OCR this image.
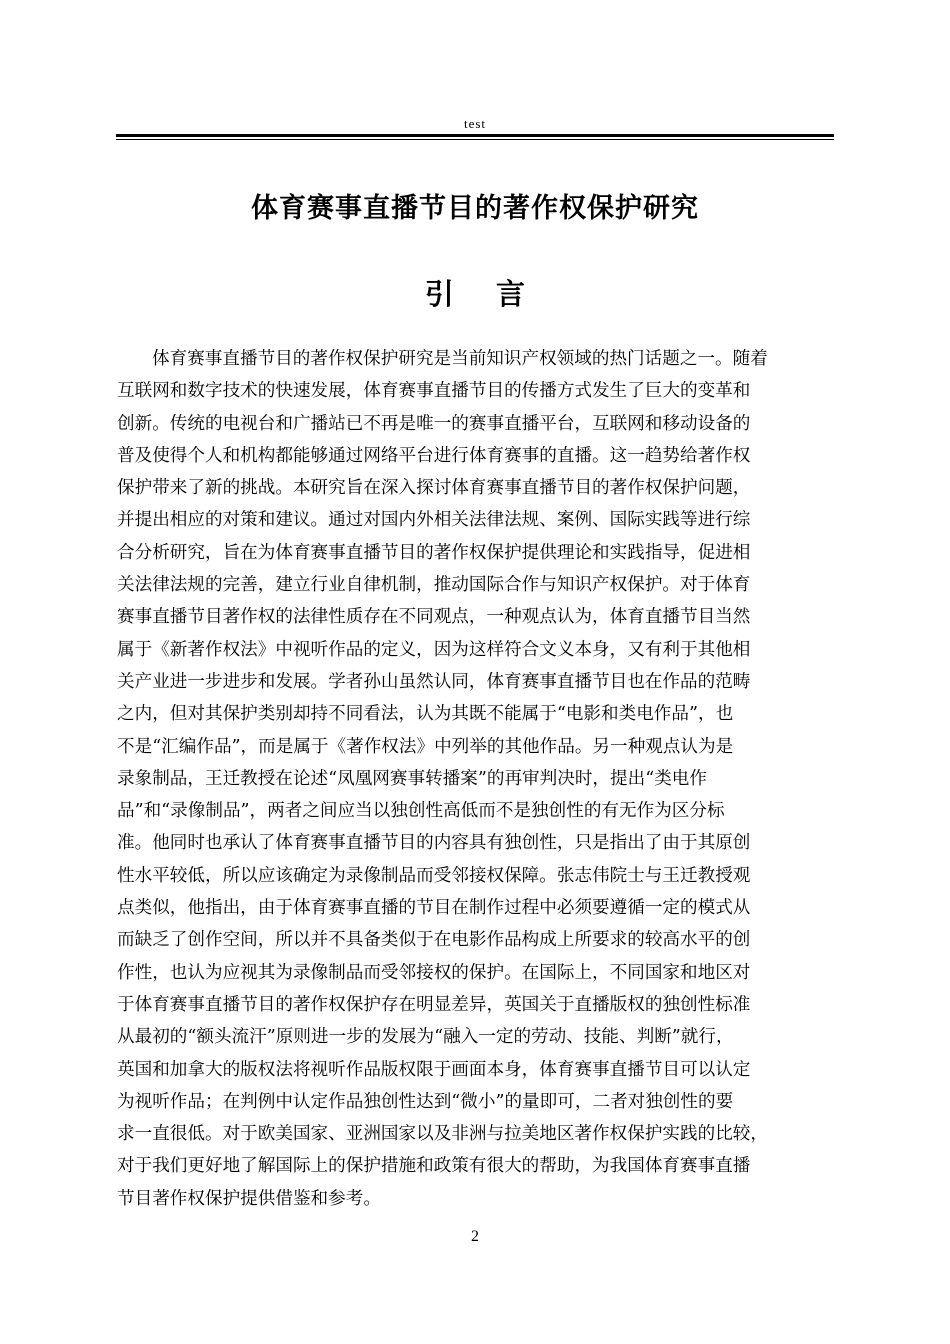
test
体育赛事直播节目的著作权保护研究
引 言
体育赛事直播节目的著作权保护研究是当前知识产权领域的热门话题之一。随着
互联网和数字技术的快速发展，体育赛事直播节目的传播方式发生了巨大的变革和
创新。传统的电视台和广播站已不再是唯一的赛事直播平台，互联网和移动设备的
普及使得个人和机构都能够通过网络平台进行体育赛事的直播。这一趋势给著作权
保护带来了新的挑战。本研究旨在深入探讨体育赛事直播节目的著作权保护问题，
并提出相应的对策和建议。通过对国内外相关法律法规、案例、国际实践等进行综
合分析研究，旨在为体育赛事直播节目的著作权保护提供理论和实践指导，促进相
关法律法规的完善，建立行业自律机制，推动国际合作与知识产权保护。对于体育
赛事直播节目著作权的法律性质存在不同观点，一种观点认为，体育直播节目当然
属于《新著作权法》中视听作品的定义，因为这样符合文义本身，又有利于其他相
关产业进一步进步和发展。学者孙山虽然认同，体育赛事直播节目也在作品的范畴
之内，但对其保护类别却持不同看法，认为其既不能属于“电影和类电作品”，也
不是“汇编作品”，而是属于《著作权法》中列举的其他作品。另一种观点认为是
录象制品，王迁教授在论述“凤凰网赛事转播案”的再审判决时，提出“类电作
品”和“录像制品”，两者之间应当以独创性高低而不是独创性的有无作为区分标
准。他同时也承认了体育赛事直播节目的内容具有独创性，只是指出了由于其原创
性水平较低，所以应该确定为录像制品而受邻接权保障。张志伟院士与王迁教授观
点类似，他指出，由于体育赛事直播的节目在制作过程中必须要遵循一定的模式从
而缺乏了创作空间，所以并不具备类似于在电影作品构成上所要求的较高水平的创
作性，也认为应视其为录像制品而受邻接权的保护。在国际上，不同国家和地区对
于体育赛事直播节目的著作权保护存在明显差异，英国关于直播版权的独创性标准
从最初的“额头流汗”原则进一步的发展为“融入一定的劳动、技能、判断”就行，
英国和加拿大的版权法将视听作品版权限于画面本身，体育赛事直播节目可以认定
为视听作品；在判例中认定作品独创性达到“微小”的量即可，二者对独创性的要
求一直很低。对于欧美国家、亚洲国家以及非洲与拉美地区著作权保护实践的比较，
对于我们更好地了解国际上的保护措施和政策有很大的帮助，为我国体育赛事直播
节目著作权保护提供借鉴和参考。
2
